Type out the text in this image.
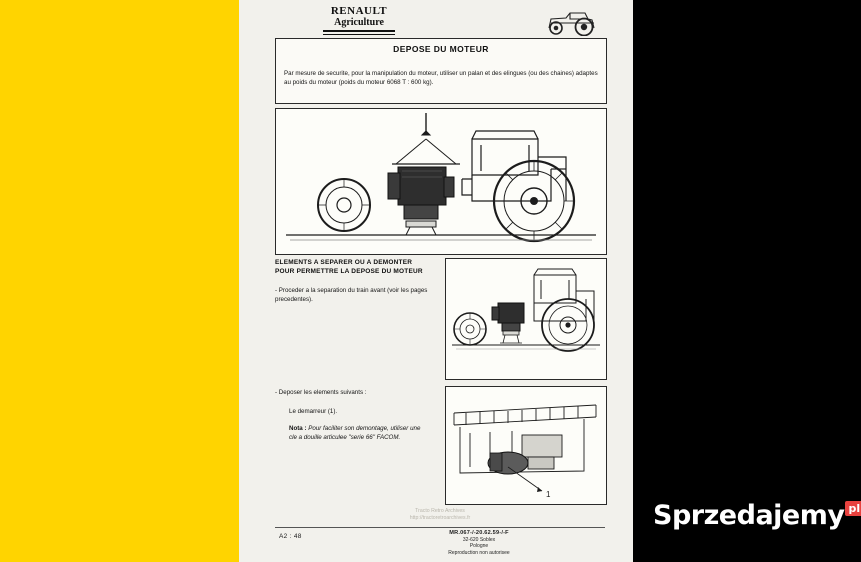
RENAULT
Agriculture
DEPOSE DU MOTEUR

Par mesure de securite, pour la manipulation du moteur, utiliser un palan et des elingues (ou des chaines) adaptes au poids du moteur (poids du moteur 6068 T : 600 kg).

ELEMENTS A SEPARER OU A DEMONTER POUR PERMETTRE LA DEPOSE DU MOTEUR
- Proceder a la separation du train avant (voir les pages precedentes).
- Deposer les elements suivants :
Le demarreur (1).
Nota : Pour faciliter son demontage, utiliser une cle a douille articulee "serie 66" FACOM.
1
Tracto Retro Archives
http://tractoretroarchives.fr
A2 : 48	MR.067-/-20.62.59-/-F
32-620 Soblex
Pologne
Reproduction non autorisee
Sprzedajemy $^{pl}$
